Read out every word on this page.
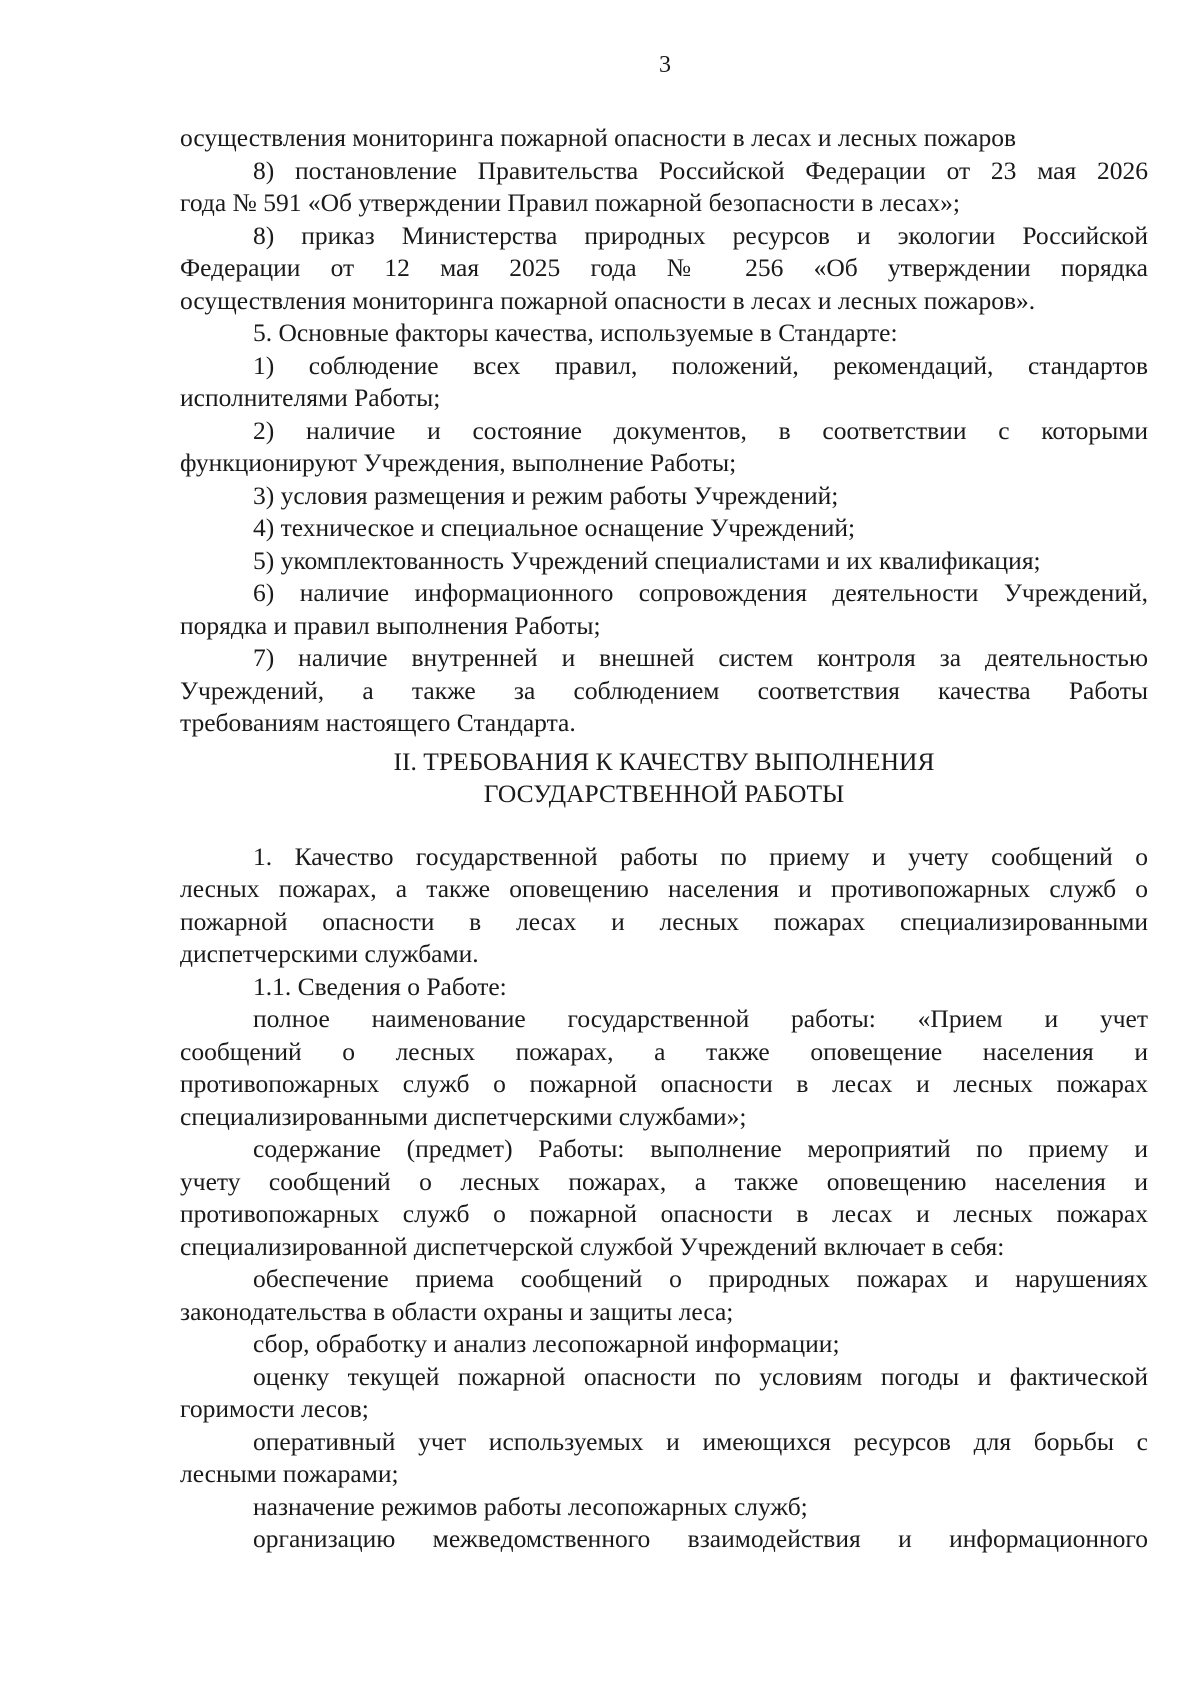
3
осуществления мониторинга пожарной опасности в лесах и лесных пожаров
8) постановление Правительства Российской Федерации от 23 мая 2026
года № 591 «Об утверждении Правил пожарной безопасности в лесах»;
8) приказ Министерства природных ресурсов и экологии Российской
Федерации от 12 мая 2025 года № 256 «Об утверждении порядка
осуществления мониторинга пожарной опасности в лесах и лесных пожаров».
5. Основные факторы качества, используемые в Стандарте:
1) соблюдение всех правил, положений, рекомендаций, стандартов
исполнителями Работы;
2) наличие и состояние документов, в соответствии с которыми
функционируют Учреждения, выполнение Работы;
3) условия размещения и режим работы Учреждений;
4) техническое и специальное оснащение Учреждений;
5) укомплектованность Учреждений специалистами и их квалификация;
6) наличие информационного сопровождения деятельности Учреждений,
порядка и правил выполнения Работы;
7) наличие внутренней и внешней систем контроля за деятельностью
Учреждений, а также за соблюдением соответствия качества Работы
требованиям настоящего Стандарта.
II. ТРЕБОВАНИЯ К КАЧЕСТВУ ВЫПОЛНЕНИЯ
ГОСУДАРСТВЕННОЙ РАБОТЫ
1. Качество государственной работы по приему и учету сообщений о
лесных пожарах, а также оповещению населения и противопожарных служб о
пожарной опасности в лесах и лесных пожарах специализированными
диспетчерскими службами.
1.1. Сведения о Работе:
полное наименование государственной работы: «Прием и учет
сообщений о лесных пожарах, а также оповещение населения и
противопожарных служб о пожарной опасности в лесах и лесных пожарах
специализированными диспетчерскими службами»;
содержание (предмет) Работы: выполнение мероприятий по приему и
учету сообщений о лесных пожарах, а также оповещению населения и
противопожарных служб о пожарной опасности в лесах и лесных пожарах
специализированной диспетчерской службой Учреждений включает в себя:
обеспечение приема сообщений о природных пожарах и нарушениях
законодательства в области охраны и защиты леса;
сбор, обработку и анализ лесопожарной информации;
оценку текущей пожарной опасности по условиям погоды и фактической
горимости лесов;
оперативный учет используемых и имеющихся ресурсов для борьбы с
лесными пожарами;
назначение режимов работы лесопожарных служб;
организацию межведомственного взаимодействия и информационного
